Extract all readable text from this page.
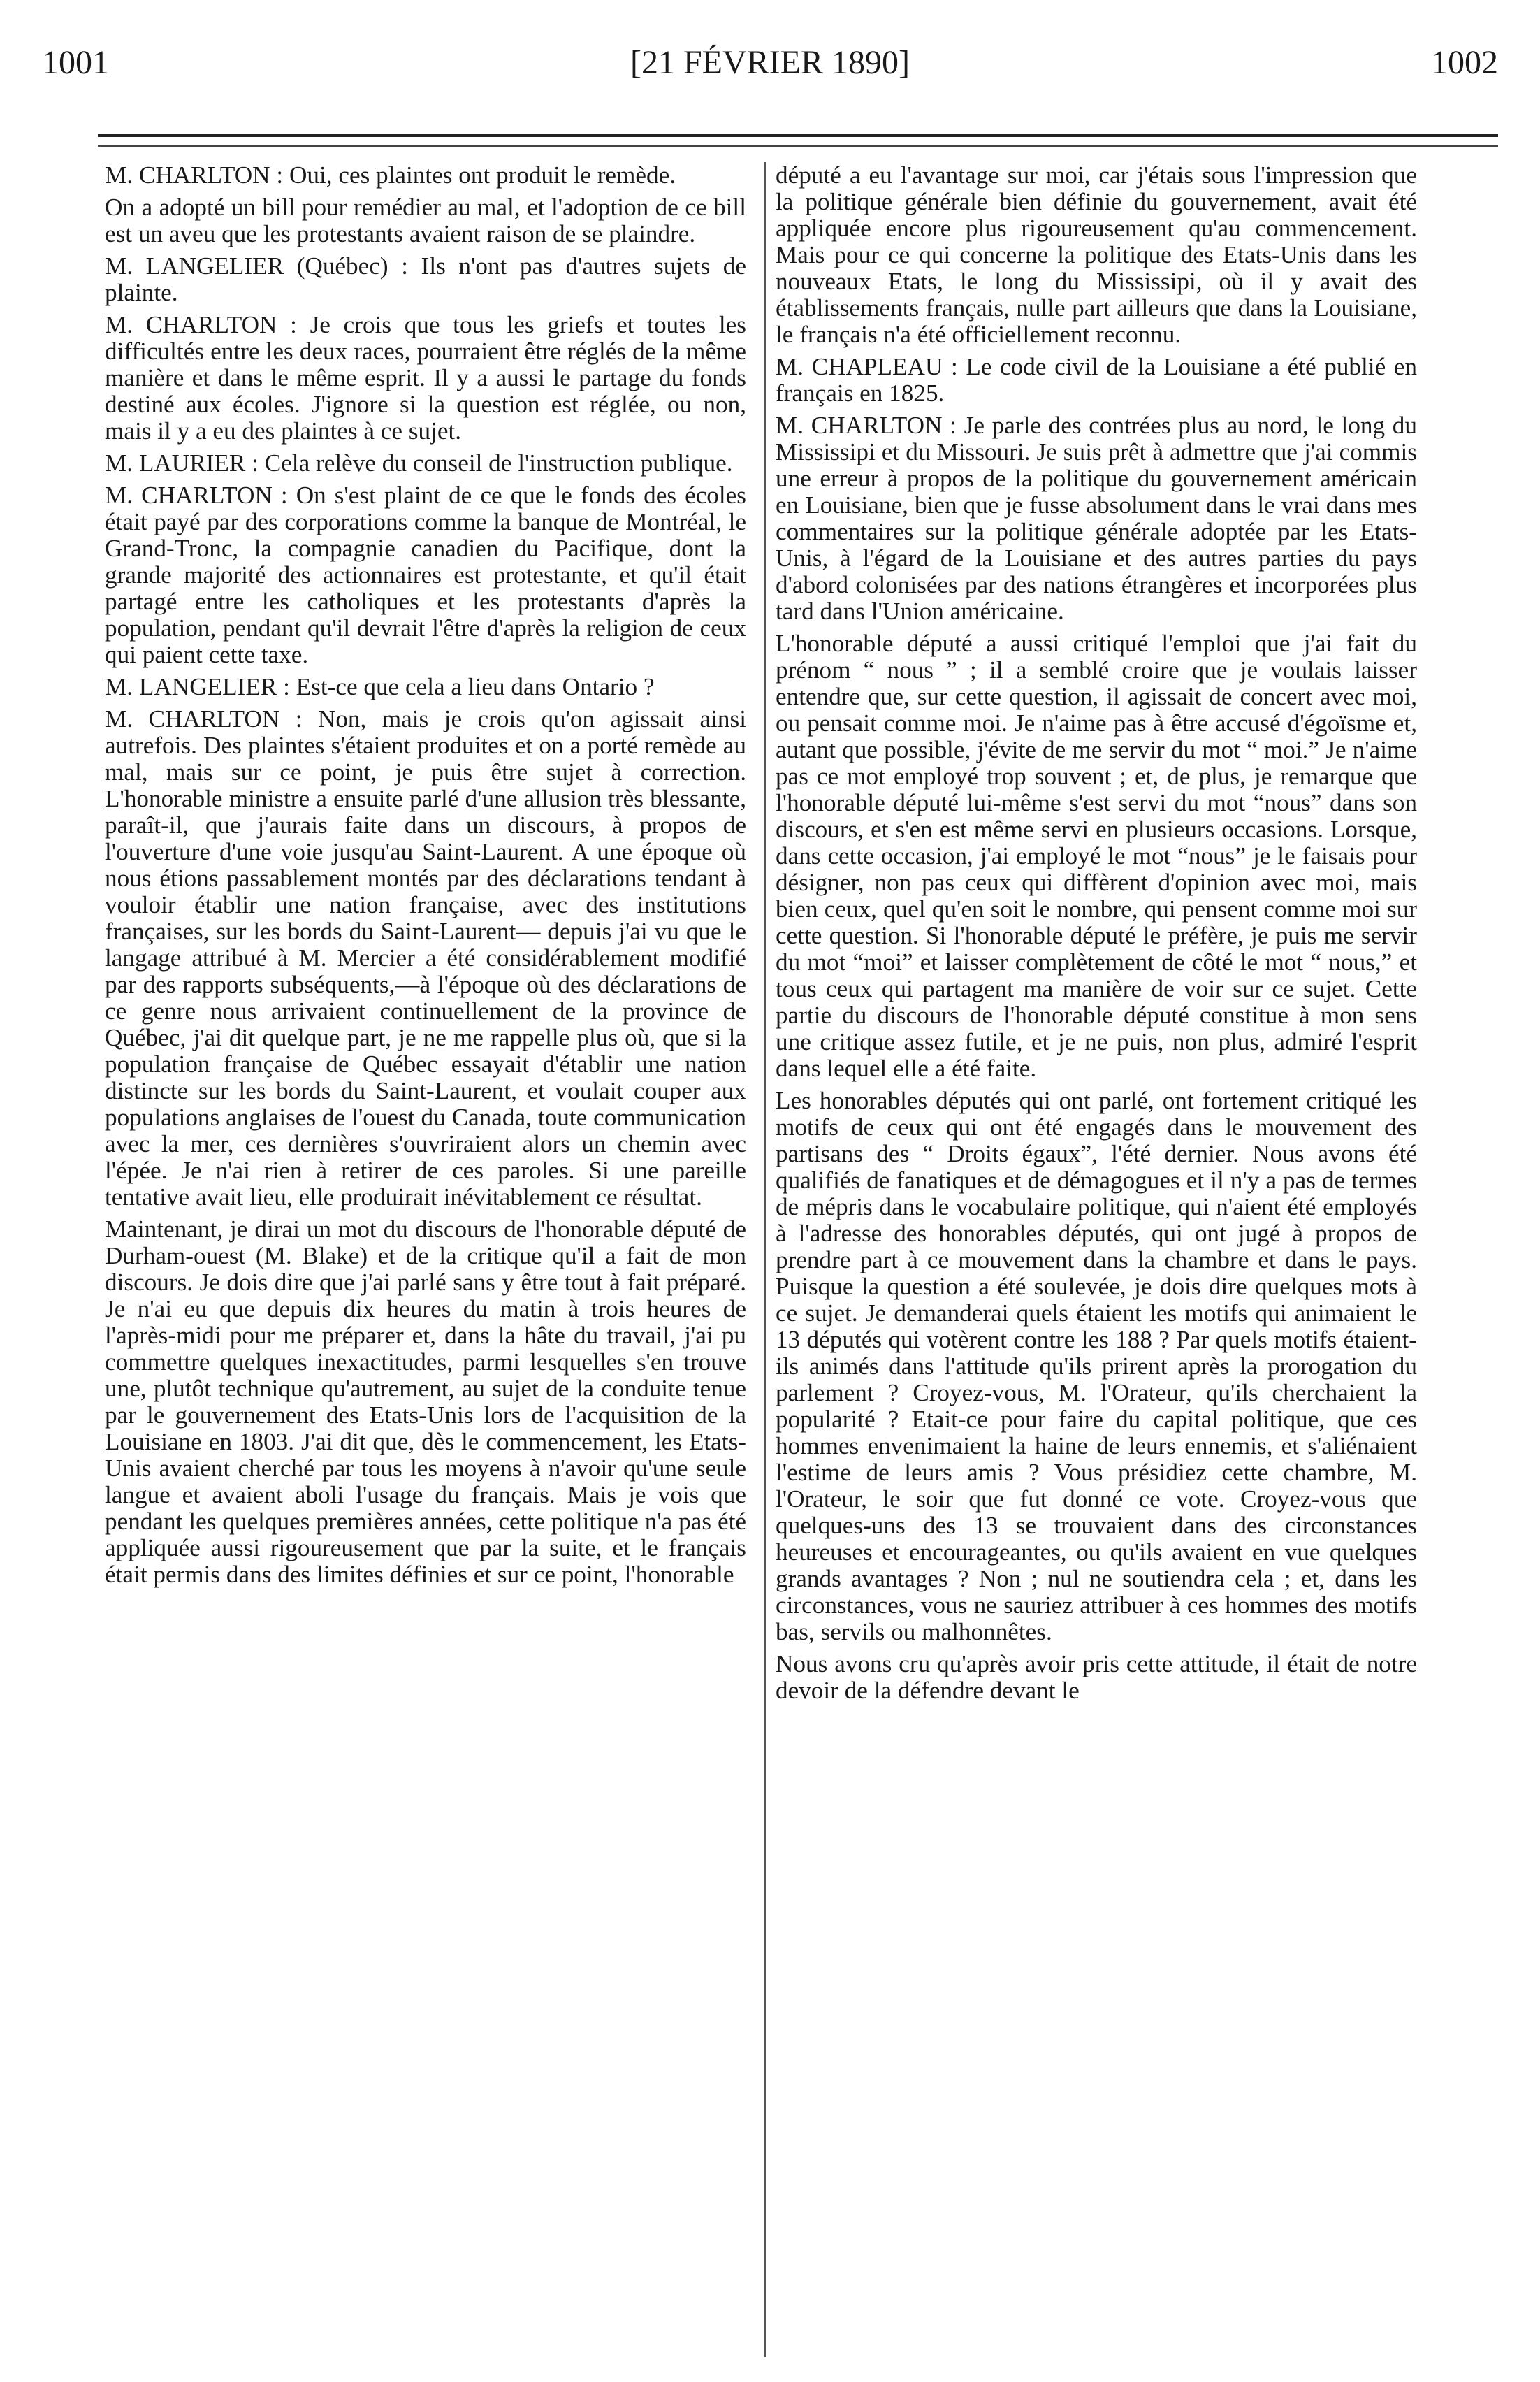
1001	[21 FÉVRIER 1890]	1002

M. CHARLTON : Oui, ces plaintes ont produit le remède.

On a adopté un bill pour remédier au mal, et l'adoption de ce bill est un aveu que les protestants avaient raison de se plaindre.

M. LANGELIER (Québec) : Ils n'ont pas d'autres sujets de plainte.

M. CHARLTON : Je crois que tous les griefs et toutes les difficultés entre les deux races, pourraient être réglés de la même manière et dans le même esprit. Il y a aussi le partage du fonds destiné aux écoles. J'ignore si la question est réglée, ou non, mais il y a eu des plaintes à ce sujet.

M. LAURIER : Cela relève du conseil de l'instruction publique.

M. CHARLTON : On s'est plaint de ce que le fonds des écoles était payé par des corporations comme la banque de Montréal, le Grand-Tronc, la compagnie canadien du Pacifique, dont la grande majorité des actionnaires est protestante, et qu'il était partagé entre les catholiques et les protestants d'après la population, pendant qu'il devrait l'être d'après la religion de ceux qui paient cette taxe.

M. LANGELIER : Est-ce que cela a lieu dans Ontario ?

M. CHARLTON : Non, mais je crois qu'on agissait ainsi autrefois. Des plaintes s'étaient produites et on a porté remède au mal, mais sur ce point, je puis être sujet à correction. L'honorable ministre a ensuite parlé d'une allusion très blessante, paraît-il, que j'aurais faite dans un discours, à propos de l'ouverture d'une voie jusqu'au Saint-Laurent. A une époque où nous étions passablement montés par des déclarations tendant à vouloir établir une nation française, avec des institutions françaises, sur les bords du Saint-Laurent— depuis j'ai vu que le langage attribué à M. Mercier a été considérablement modifié par des rapports subséquents,—à l'époque où des déclarations de ce genre nous arrivaient continuellement de la province de Québec, j'ai dit quelque part, je ne me rappelle plus où, que si la population française de Québec essayait d'établir une nation distincte sur les bords du Saint-Laurent, et voulait couper aux populations anglaises de l'ouest du Canada, toute communication avec la mer, ces dernières s'ouvriraient alors un chemin avec l'épée. Je n'ai rien à retirer de ces paroles. Si une pareille tentative avait lieu, elle produirait inévitablement ce résultat.

Maintenant, je dirai un mot du discours de l'honorable député de Durham-ouest (M. Blake) et de la critique qu'il a fait de mon discours. Je dois dire que j'ai parlé sans y être tout à fait préparé. Je n'ai eu que depuis dix heures du matin à trois heures de l'après-midi pour me préparer et, dans la hâte du travail, j'ai pu commettre quelques inexactitudes, parmi lesquelles s'en trouve une, plutôt technique qu'autrement, au sujet de la conduite tenue par le gouvernement des Etats-Unis lors de l'acquisition de la Louisiane en 1803. J'ai dit que, dès le commencement, les Etats-Unis avaient cherché par tous les moyens à n'avoir qu'une seule langue et avaient aboli l'usage du français. Mais je vois que pendant les quelques premières années, cette politique n'a pas été appliquée aussi rigoureusement que par la suite, et le français était permis dans des limites définies et sur ce point, l'honorable

député a eu l'avantage sur moi, car j'étais sous l'impression que la politique générale bien définie du gouvernement, avait été appliquée encore plus rigoureusement qu'au commencement. Mais pour ce qui concerne la politique des Etats-Unis dans les nouveaux Etats, le long du Mississipi, où il y avait des établissements français, nulle part ailleurs que dans la Louisiane, le français n'a été officiellement reconnu.

M. CHAPLEAU : Le code civil de la Louisiane a été publié en français en 1825.

M. CHARLTON : Je parle des contrées plus au nord, le long du Mississipi et du Missouri. Je suis prêt à admettre que j'ai commis une erreur à propos de la politique du gouvernement américain en Louisiane, bien que je fusse absolument dans le vrai dans mes commentaires sur la politique générale adoptée par les Etats-Unis, à l'égard de la Louisiane et des autres parties du pays d'abord colonisées par des nations étrangères et incorporées plus tard dans l'Union américaine.

L'honorable député a aussi critiqué l'emploi que j'ai fait du prénom “ nous ” ; il a semblé croire que je voulais laisser entendre que, sur cette question, il agissait de concert avec moi, ou pensait comme moi. Je n'aime pas à être accusé d'égoïsme et, autant que possible, j'évite de me servir du mot “ moi.” Je n'aime pas ce mot employé trop souvent ; et, de plus, je remarque que l'honorable député lui-même s'est servi du mot “nous” dans son discours, et s'en est même servi en plusieurs occasions. Lorsque, dans cette occasion, j'ai employé le mot “nous” je le faisais pour désigner, non pas ceux qui diffèrent d'opinion avec moi, mais bien ceux, quel qu'en soit le nombre, qui pensent comme moi sur cette question. Si l'honorable député le préfère, je puis me servir du mot “moi” et laisser complètement de côté le mot “ nous,” et tous ceux qui partagent ma manière de voir sur ce sujet. Cette partie du discours de l'honorable député constitue à mon sens une critique assez futile, et je ne puis, non plus, admiré l'esprit dans lequel elle a été faite.

Les honorables députés qui ont parlé, ont fortement critiqué les motifs de ceux qui ont été engagés dans le mouvement des partisans des “ Droits égaux”, l'été dernier. Nous avons été qualifiés de fanatiques et de démagogues et il n'y a pas de termes de mépris dans le vocabulaire politique, qui n'aient été employés à l'adresse des honorables députés, qui ont jugé à propos de prendre part à ce mouvement dans la chambre et dans le pays. Puisque la question a été soulevée, je dois dire quelques mots à ce sujet. Je demanderai quels étaient les motifs qui animaient le 13 députés qui votèrent contre les 188 ? Par quels motifs étaient-ils animés dans l'attitude qu'ils prirent après la prorogation du parlement ? Croyez-vous, M. l'Orateur, qu'ils cherchaient la popularité ? Etait-ce pour faire du capital politique, que ces hommes envenimaient la haine de leurs ennemis, et s'aliénaient l'estime de leurs amis ? Vous présidiez cette chambre, M. l'Orateur, le soir que fut donné ce vote. Croyez-vous que quelques-uns des 13 se trouvaient dans des circonstances heureuses et encourageantes, ou qu'ils avaient en vue quelques grands avantages ? Non ; nul ne soutiendra cela ; et, dans les circonstances, vous ne sauriez attribuer à ces hommes des motifs bas, servils ou malhonnêtes.

Nous avons cru qu'après avoir pris cette attitude, il était de notre devoir de la défendre devant le
